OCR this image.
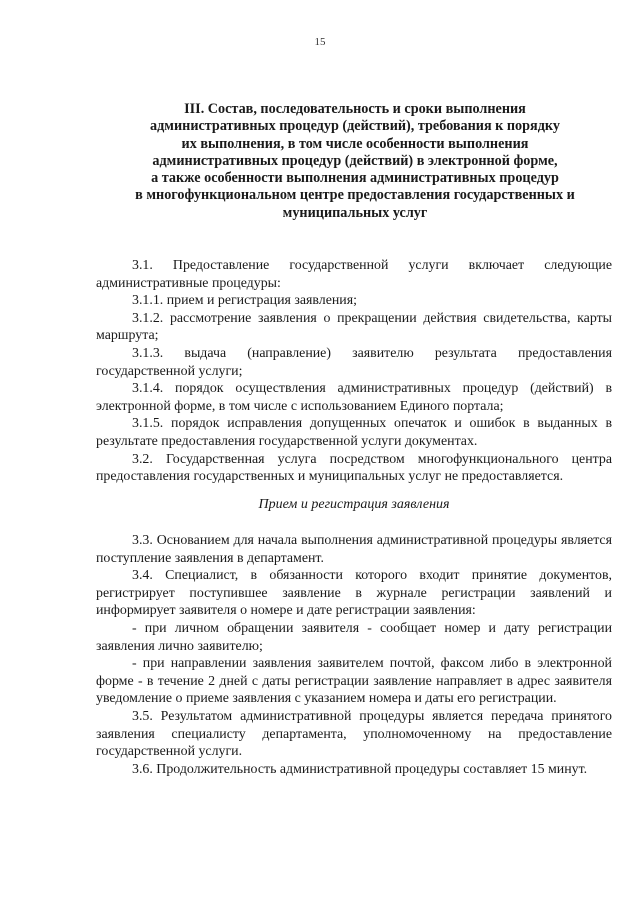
15
III. Состав, последовательность и сроки выполнения
административных процедур (действий), требования к порядку
их выполнения, в том числе особенности выполнения
административных процедур (действий) в электронной форме,
а также особенности выполнения административных процедур
в многофункциональном центре предоставления государственных и
муниципальных услуг

3.1. Предоставление государственной услуги включает следующие административные процедуры:

3.1.1. прием и регистрация заявления;

3.1.2. рассмотрение заявления о прекращении действия свидетельства, карты маршрута;

3.1.3. выдача (направление) заявителю результата предоставления государственной услуги;

3.1.4. порядок осуществления административных процедур (действий) в электронной форме, в том числе с использованием Единого портала;

3.1.5. порядок исправления допущенных опечаток и ошибок в выданных в результате предоставления государственной услуги документах.

3.2. Государственная услуга посредством многофункционального центра предоставления государственных и муниципальных услуг не предоставляется.

Прием и регистрация заявления

3.3. Основанием для начала выполнения административной процедуры является поступление заявления в департамент.

3.4. Специалист, в обязанности которого входит принятие документов, регистрирует поступившее заявление в журнале регистрации заявлений и информирует заявителя о номере и дате регистрации заявления:

- при личном обращении заявителя - сообщает номер и дату регистрации заявления лично заявителю;

- при направлении заявления заявителем почтой, факсом либо в электронной форме - в течение 2 дней с даты регистрации заявление направляет в адрес заявителя уведомление о приеме заявления с указанием номера и даты его регистрации.

3.5. Результатом административной процедуры является передача принятого заявления специалисту департамента, уполномоченному на предоставление государственной услуги.

3.6. Продолжительность административной процедуры составляет 15 минут.
